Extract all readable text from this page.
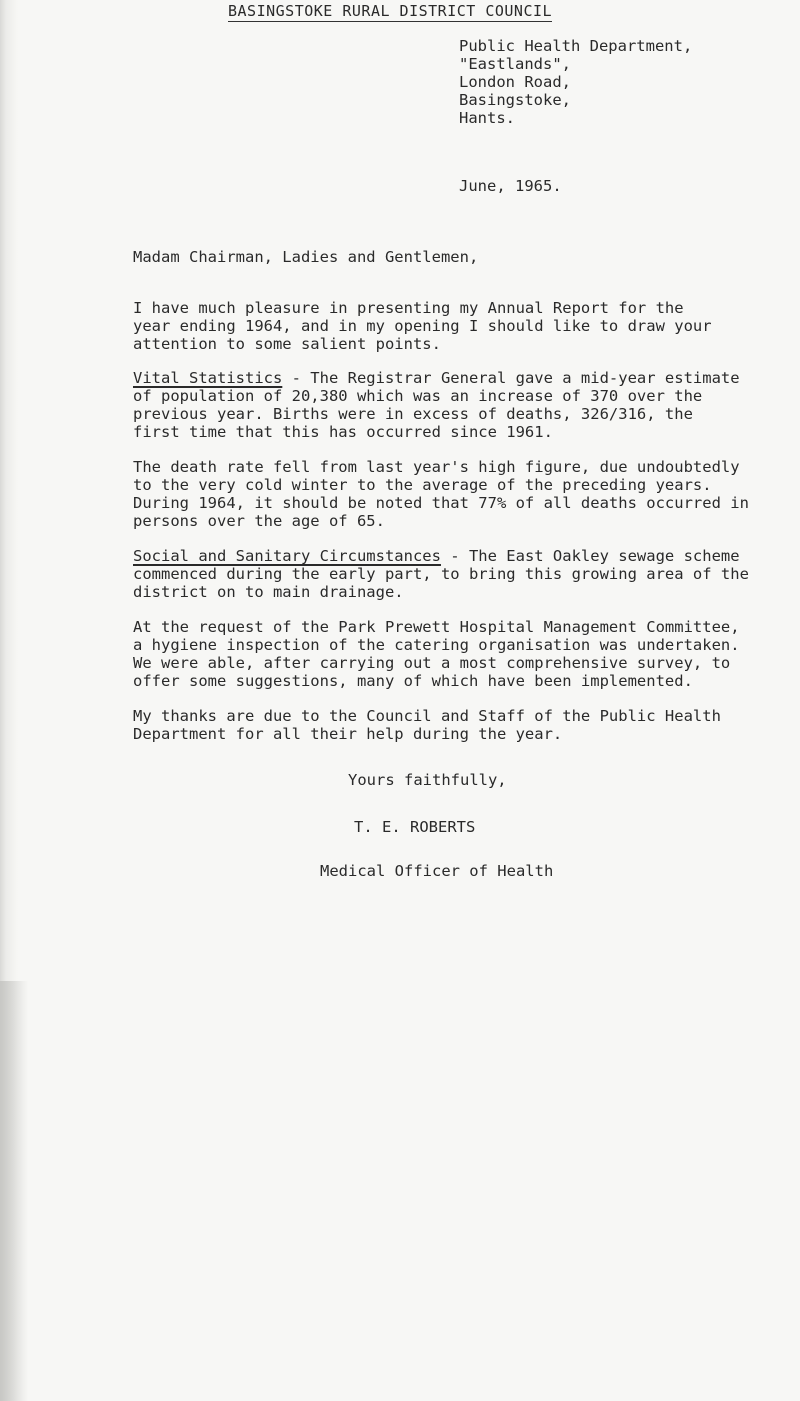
BASINGSTOKE RURAL DISTRICT COUNCIL
Public Health Department,
"Eastlands",
London Road,
Basingstoke,
Hants.
June, 1965.
Madam Chairman, Ladies and Gentlemen,
I have much pleasure in presenting my Annual Report for the
year ending 1964, and in my opening I should like to draw your
attention to some salient points.
Vital Statistics - The Registrar General gave a mid-year estimate
of population of 20,380 which was an increase of 370 over the
previous year. Births were in excess of deaths, 326/316, the
first time that this has occurred since 1961.
The death rate fell from last year's high figure, due undoubtedly
to the very cold winter to the average of the preceding years.
During 1964, it should be noted that 77% of all deaths occurred in
persons over the age of 65.
Social and Sanitary Circumstances - The East Oakley sewage scheme
commenced during the early part, to bring this growing area of the
district on to main drainage.
At the request of the Park Prewett Hospital Management Committee,
a hygiene inspection of the catering organisation was undertaken.
We were able, after carrying out a most comprehensive survey, to
offer some suggestions, many of which have been implemented.
My thanks are due to the Council and Staff of the Public Health
Department for all their help during the year.
Yours faithfully,
T. E. ROBERTS
Medical Officer of Health
